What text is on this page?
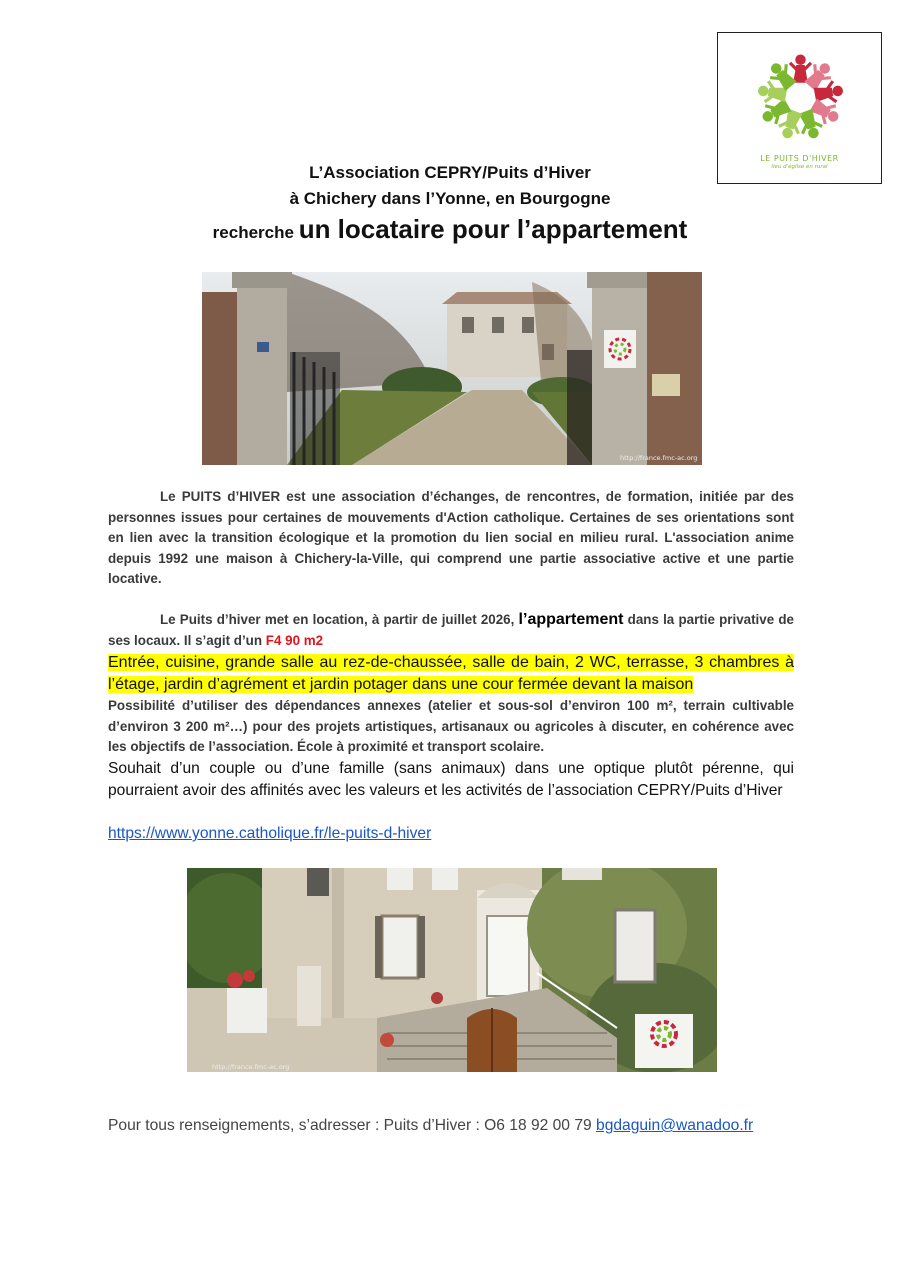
LE PUITS D'HIVER
lieu d'église en rural
L’Association CEPRY/Puits d’Hiver
à Chichery dans l’Yonne, en Bourgogne
recherche un locataire pour l’appartement
http://france.fmc-ac.org
Le PUITS d’HIVER est une association d’échanges, de rencontres, de formation, initiée par des personnes issues pour certaines de mouvements d'Action catholique. Certaines de ses orientations sont en lien avec la transition écologique et la promotion du lien social en milieu rural. L'association anime depuis 1992 une maison à Chichery-la-Ville, qui comprend une partie associative active et une partie locative.
Le Puits d’hiver met en location, à partir de juillet 2026, l’appartement dans la partie privative de ses locaux. Il s’agit d’un F4 90 m2
Entrée, cuisine, grande salle au rez-de-chaussée, salle de bain, 2 WC, terrasse, 3 chambres à l’étage, jardin d’agrément et jardin potager dans une cour fermée devant la maison
Possibilité d’utiliser des dépendances annexes (atelier et sous-sol d’environ 100 m², terrain cultivable d’environ 3 200 m²…) pour des projets artistiques, artisanaux ou agricoles à discuter, en cohérence avec les objectifs de l’association. École à proximité et transport scolaire.
Souhait d’un couple ou d’une famille (sans animaux) dans une optique plutôt pérenne, qui pourraient avoir des affinités avec les valeurs et les activités de l’association CEPRY/Puits d’Hiver
https://www.yonne.catholique.fr/le-puits-d-hiver
http://france.fmc-ac.org
Pour tous renseignements, s’adresser : Puits d’Hiver : O6 18 92 00 79 bgdaguin@wanadoo.fr
